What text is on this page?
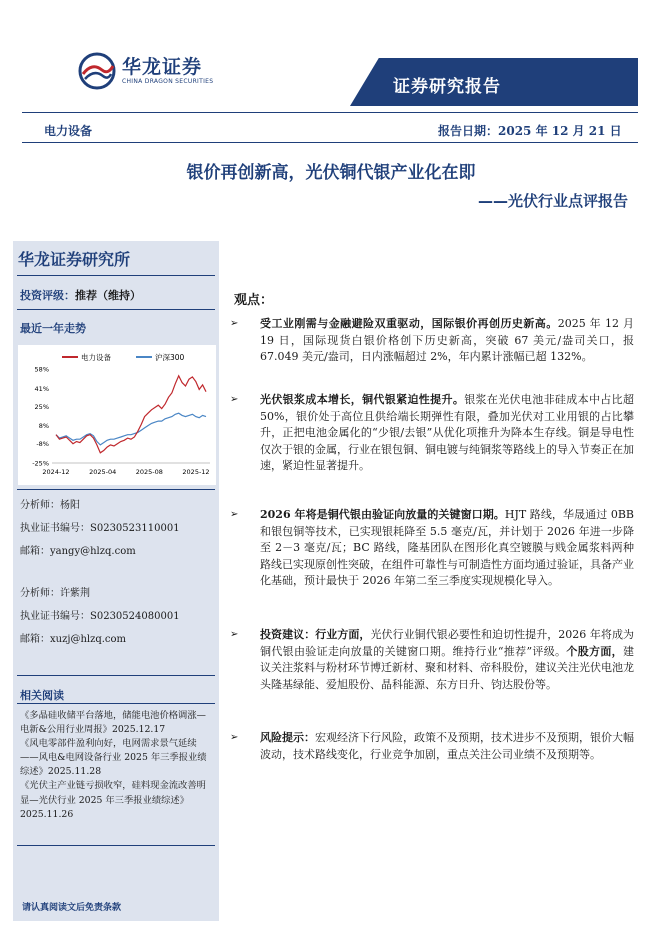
华龙证券
CHINA DRAGON SECURITIES	证券研究报告
电力设备	报告日期：2025 年 12 月 21 日
银价再创新高，光伏铜代银产业化在即
——光伏行业点评报告
华龙证券研究所
投资评级：推荐（维持）
最近一年走势
电力设备	沪深300
58%
41%
25%
8%
-8%
-25%
2024-12	2025-04	2025-08	2025-12
分析师：杨阳
执业证书编号：S0230523110001
邮箱：yangy@hlzq.com
分析师：许紫荆
执业证书编号：S0230524080001
邮箱：xuzj@hlzq.com
相关阅读
《多晶硅收储平台落地，储能电池价格调涨—电新&公用行业周报》2025.12.17
《风电零部件盈利向好，电网需求景气延续——风电&电网设备行业 2025 年三季报业绩综述》2025.11.28
《光伏主产业链亏损收窄，硅料现金流改善明显—光伏行业 2025 年三季报业绩综述》2025.11.26
请认真阅读文后免责条款
观点：
➢	受工业刚需与金融避险双重驱动，国际银价再创历史新高。2025 年 12 月 19 日，国际现货白银价格创下历史新高，突破 67 美元/盎司关口，报 67.049 美元/盎司，日内涨幅超过 2%，年内累计涨幅已超 132%。
➢	光伏银浆成本增长，铜代银紧迫性提升。银浆在光伏电池非硅成本中占比超 50%，银价处于高位且供给端长期弹性有限，叠加光伏对工业用银的占比攀升，正把电池金属化的“少银/去银”从优化项推升为降本生存线。铜是导电性仅次于银的金属，行业在银包铜、铜电镀与纯铜浆等路线上的导入节奏正在加速，紧迫性显著提升。
➢	2026 年将是铜代银由验证向放量的关键窗口期。HJT 路线，华晟通过 0BB 和银包铜等技术，已实现银耗降至 5.5 毫克/瓦，并计划于 2026 年进一步降至 2－3 毫克/瓦；BC 路线，隆基团队在图形化真空镀膜与贱金属浆料两种路线已实现原创性突破，在组件可靠性与可制造性方面均通过验证，具备产业化基础，预计最快于 2026 年第二至三季度实现规模化导入。
➢	投资建议：行业方面，光伏行业铜代银必要性和迫切性提升，2026 年将成为铜代银由验证走向放量的关键窗口期。维持行业“推荐”评级。个股方面，建议关注浆料与粉材环节博迁新材、聚和材料、帝科股份，建议关注光伏电池龙头隆基绿能、爱旭股份、晶科能源、东方日升、钧达股份等。
➢	风险提示：宏观经济下行风险，政策不及预期，技术进步不及预期，银价大幅波动，技术路线变化，行业竞争加剧，重点关注公司业绩不及预期等。
